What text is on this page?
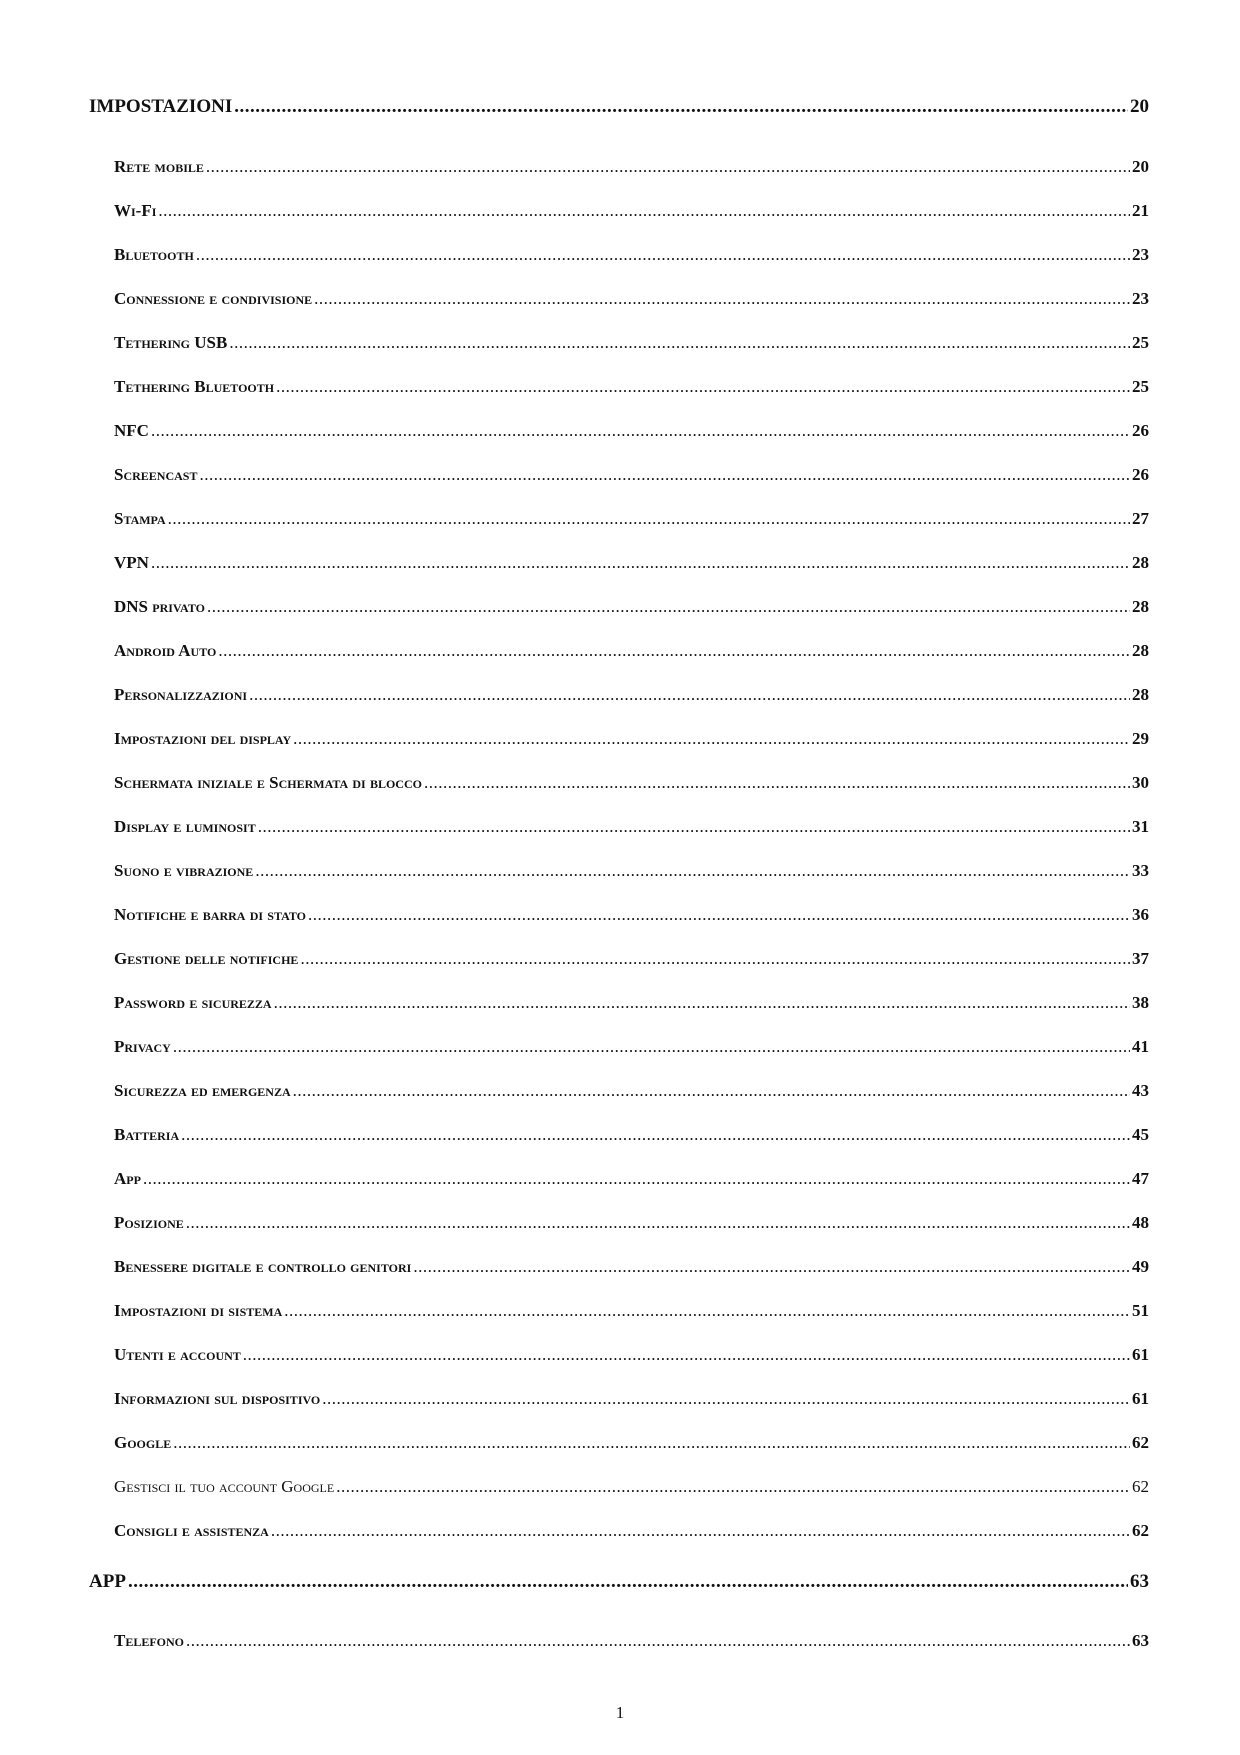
IMPOSTAZIONI .....	20
Rete mobile .....	20
Wi-Fi .....	21
Bluetooth .....	23
Connessione e condivisione .....	23
Tethering USB .....	25
Tethering Bluetooth .....	25
NFC .....	26
Screencast .....	26
Stampa .....	27
VPN .....	28
DNS privato .....	28
Android Auto .....	28
Personalizzazioni .....	28
Impostazioni del display .....	29
Schermata iniziale e Schermata di blocco .....	30
Display e luminosit .....	31
Suono e vibrazione .....	33
Notifiche e barra di stato .....	36
Gestione delle notifiche .....	37
Password e sicurezza .....	38
Privacy .....	41
Sicurezza ed emergenza .....	43
Batteria .....	45
App .....	47
Posizione .....	48
Benessere digitale e controllo genitori .....	49
Impostazioni di sistema .....	51
Utenti e account .....	61
Informazioni sul dispositivo .....	61
Google .....	62
Gestisci il tuo account Google .....	62
Consigli e assistenza .....	62
APP .....	63
Telefono .....	63
1
